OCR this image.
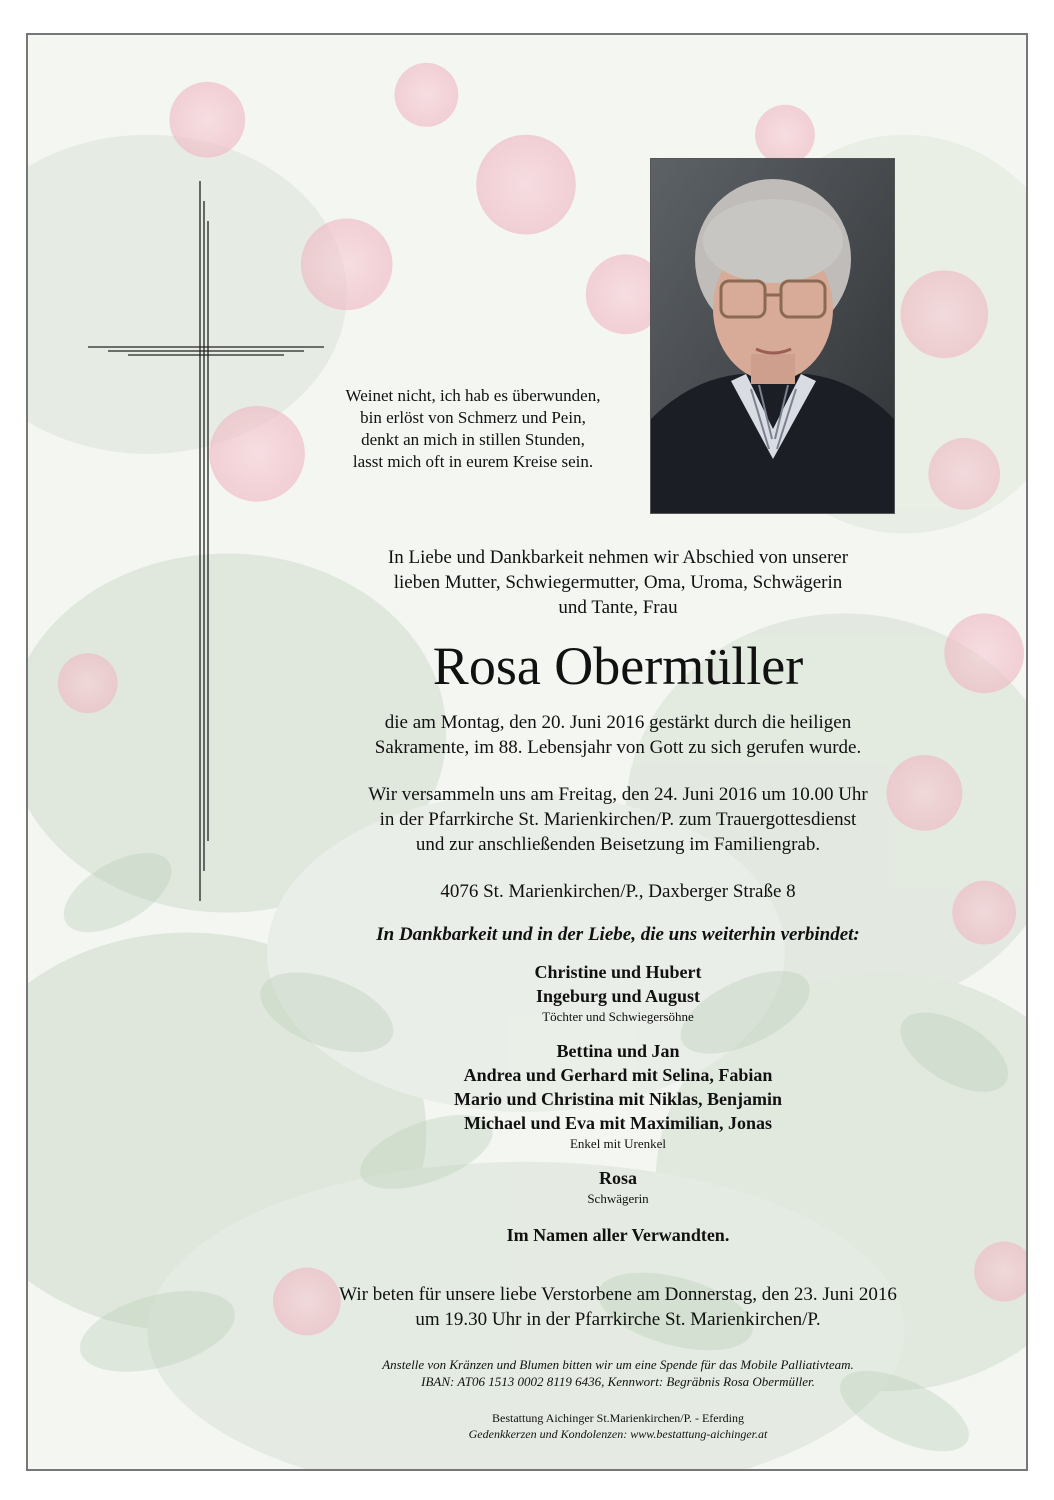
Weinet nicht, ich hab es überwunden,
bin erlöst von Schmerz und Pein,
denkt an mich in stillen Stunden,
lasst mich oft in eurem Kreise sein.
In Liebe und Dankbarkeit nehmen wir Abschied von unserer
lieben Mutter, Schwiegermutter, Oma, Uroma, Schwägerin
und Tante, Frau
Rosa Obermüller
die am Montag, den 20. Juni 2016 gestärkt durch die heiligen
Sakramente, im 88. Lebensjahr von Gott zu sich gerufen wurde.
Wir versammeln uns am Freitag, den 24. Juni 2016 um 10.00 Uhr
in der Pfarrkirche St. Marienkirchen/P. zum Trauergottesdienst
und zur anschließenden Beisetzung im Familiengrab.
4076 St. Marienkirchen/P., Daxberger Straße 8
In Dankbarkeit und in der Liebe, die uns weiterhin verbindet:
Christine und Hubert
Ingeburg und August
Töchter und Schwiegersöhne
Bettina und Jan
Andrea und Gerhard mit Selina, Fabian
Mario und Christina mit Niklas, Benjamin
Michael und Eva mit Maximilian, Jonas
Enkel mit Urenkel
Rosa
Schwägerin
Im Namen aller Verwandten.
Wir beten für unsere liebe Verstorbene am Donnerstag, den 23. Juni 2016
um 19.30 Uhr in der Pfarrkirche St. Marienkirchen/P.
Anstelle von Kränzen und Blumen bitten wir um eine Spende für das Mobile Palliativteam.
IBAN: AT06 1513 0002 8119 6436, Kennwort: Begräbnis Rosa Obermüller.
Bestattung Aichinger St.Marienkirchen/P. - Eferding
Gedenkkerzen und Kondolenzen: www.bestattung-aichinger.at
